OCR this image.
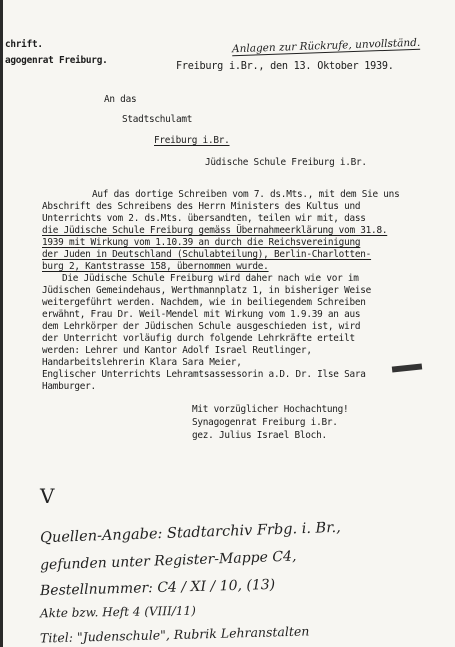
chrift.
agogenrat Freiburg.
Anlagen zur Rückrufe, unvollständ.
Freiburg i.Br., den 13. Oktober 1939.
An das
Stadtschulamt
Freiburg i.Br.
Jüdische Schule Freiburg i.Br.
Auf das dortige Schreiben vom 7. ds.Mts., mit dem Sie uns
Abschrift des Schreibens des Herrn Ministers des Kultus und
Unterrichts vom 2. ds.Mts. übersandten, teilen wir mit, dass
die Jüdische Schule Freiburg gemäss Übernahmeerklärung vom 31.8.
1939 mit Wirkung vom 1.10.39 an durch die Reichsvereinigung
der Juden in Deutschland (Schulabteilung), Berlin-Charlotten-
burg 2, Kantstrasse 158, übernommen wurde.
Die Jüdische Schule Freiburg wird daher nach wie vor im
Jüdischen Gemeindehaus, Werthmannplatz 1, in bisheriger Weise
weitergeführt werden. Nachdem, wie in beiliegendem Schreiben
erwähnt, Frau Dr. Weil-Mendel mit Wirkung vom 1.9.39 an aus
dem Lehrkörper der Jüdischen Schule ausgeschieden ist, wird
der Unterricht vorläufig durch folgende Lehrkräfte erteilt
werden: Lehrer und Kantor Adolf Israel Reutlinger,
Handarbeitslehrerin Klara Sara Meier,
Englischer Unterrichts Lehramtsassessorin a.D. Dr. Ilse Sara
Hamburger.
Mit vorzüglicher Hochachtung!
Synagogenrat Freiburg i.Br.
gez. Julius Israel Bloch.
V
Quellen-Angabe: Stadtarchiv Frbg. i. Br.,
gefunden unter Register-Mappe C4,
Bestellnummer: C4 / XI / 10, (13)
Akte bzw. Heft 4 (VIII/11)
Titel: "Judenschule", Rubrik Lehranstalten
